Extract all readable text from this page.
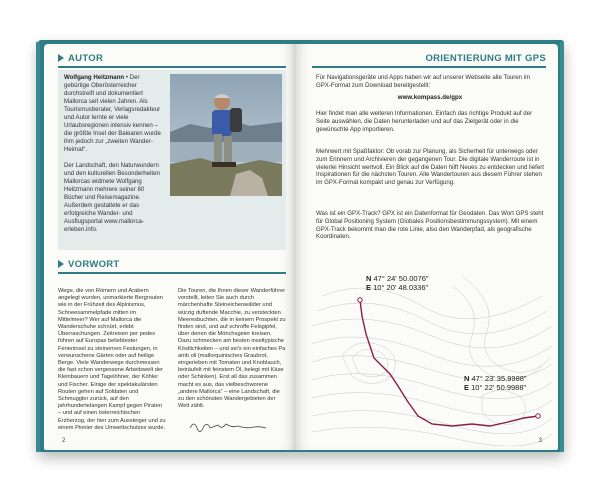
AUTOR
Wolfgang Heitzmann • Der gebürtige Oberösterreicher durchstreift und dokumentiert Mallorca seit vielen Jahren. Als Tourismusberater, Verlagsredakteur und Autor lernte er viele Urlaubsregionen intensiv kennen – die größte Insel der Balearen wurde ihm jedoch zur „zweiten Wander-Heimat“.

Der Landschaft, den Naturwundern und den kulturellen Besonderheiten Mallorcas widmete Wolfgang Heitzmann mehrere seiner 80 Bücher und Reisemagazine. Außerdem gestaltete er das erfolgreiche Wander- und Ausflugsportal www.mallorca-erleben.info.
VORWORT
Wege, die von Römern und Arabern angelegt wurden, unmarkierte Bergrouten wie in der Frühzeit des Alpinismus, Schneesammelpfade mitten im Mittelmeer? Wer auf Mallorca die Wanderschuhe schnürt, erlebt Überraschungen. Zeitreisen per pedes führen auf Europas beliebtester Ferieninsel zu steinernen Festungen, in verwunschene Gärten oder auf heilige Berge. Viele Wanderwege durchmessen die fast schon vergessene Arbeitswelt der Kleinbauern und Tagelöhner, der Köhler und Fischer. Einige der spektakulärsten Routen gehen auf Soldaten und Schmuggler zurück, auf den jahrhundertelangen Kampf gegen Piraten – und auf einen österreichischen Erzherzog, der hier zum Aussteiger und zu einem Pionier des Umweltschutzes wurde.
Die Touren, die Ihnen dieser Wanderführer vorstellt, leiten Sie auch durch märchenhafte Steineichenwälder und würzig duftende Macchie, zu versteckten Meeresbuchten, die in keinem Prospekt zu finden sind, und auf schroffe Felsgipfel, über denen die Mönchsgeier kreisen. Dazu schmecken am besten inseltypische Köstlichkeiten – und sei's ein einfaches Pa amb oli (mallorquinisches Graubrot, eingerieben mit Tomaten und Knoblauch, beträufelt mit feinstem Öl, belegt mit Käse oder Schinken). Erst all das zusammen macht es aus, das vielbeschworene „andere Mallorca“ – eine Landschaft, die zu den schönsten Wandergebieten der Welt zählt.
2
ORIENTIERUNG MIT GPS
Für Navigationsgeräte und Apps haben wir auf unserer Webseite alle Touren im GPX-Format zum Download bereitgestellt:
www.kompass.de/gpx
Hier findet man alle weiteren Informationen. Einfach das richtige Produkt auf der Seite auswählen, die Daten herunterladen und auf das Zielgerät oder in die gewünschte App importieren.
Mehrwert mit Spaßfaktor: Ob vorab zur Planung, als Sicherheit für unterwegs oder zum Erinnern und Archivieren der gegangenen Tour. Die digitale Wanderroute ist in vielerlei Hinsicht wertvoll. Ein Blick auf die Daten hilft Neues zu entdecken und liefert Inspirationen für die nächsten Touren. Alle Wandertouren aus diesem Führer stehen im GPX-Format kompakt und genau zur Verfügung.
Was ist ein GPX-Track? GPX ist ein Datenformat für Geodaten. Das Wort GPS steht für Global Positioning System (Globales Positionsbestimmungssystem). Mit einem GPX-Track bekommt man die rote Linie, also den Wanderpfad, als geografische Koordinaten.
N 47° 24' 50.0076"
E 10° 20' 48.0336"
N 47° 23' 35.9988"
E 10° 22' 50.9988"
3
